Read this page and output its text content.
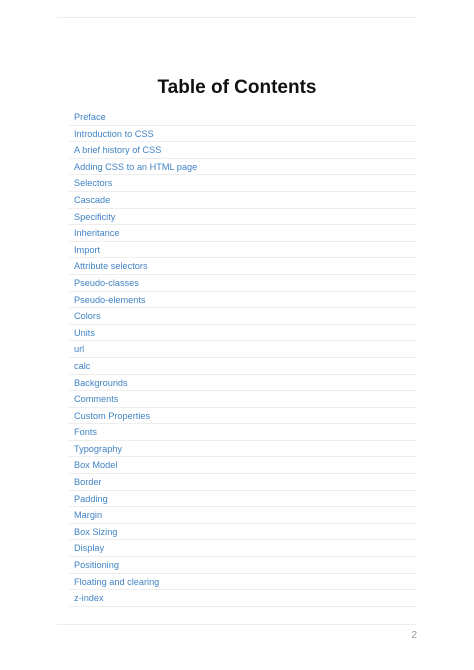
Table of Contents
Preface
Introduction to CSS
A brief history of CSS
Adding CSS to an HTML page
Selectors
Cascade
Specificity
Inheritance
Import
Attribute selectors
Pseudo-classes
Pseudo-elements
Colors
Units
url
calc
Backgrounds
Comments
Custom Properties
Fonts
Typography
Box Model
Border
Padding
Margin
Box Sizing
Display
Positioning
Floating and clearing
z-index
2
